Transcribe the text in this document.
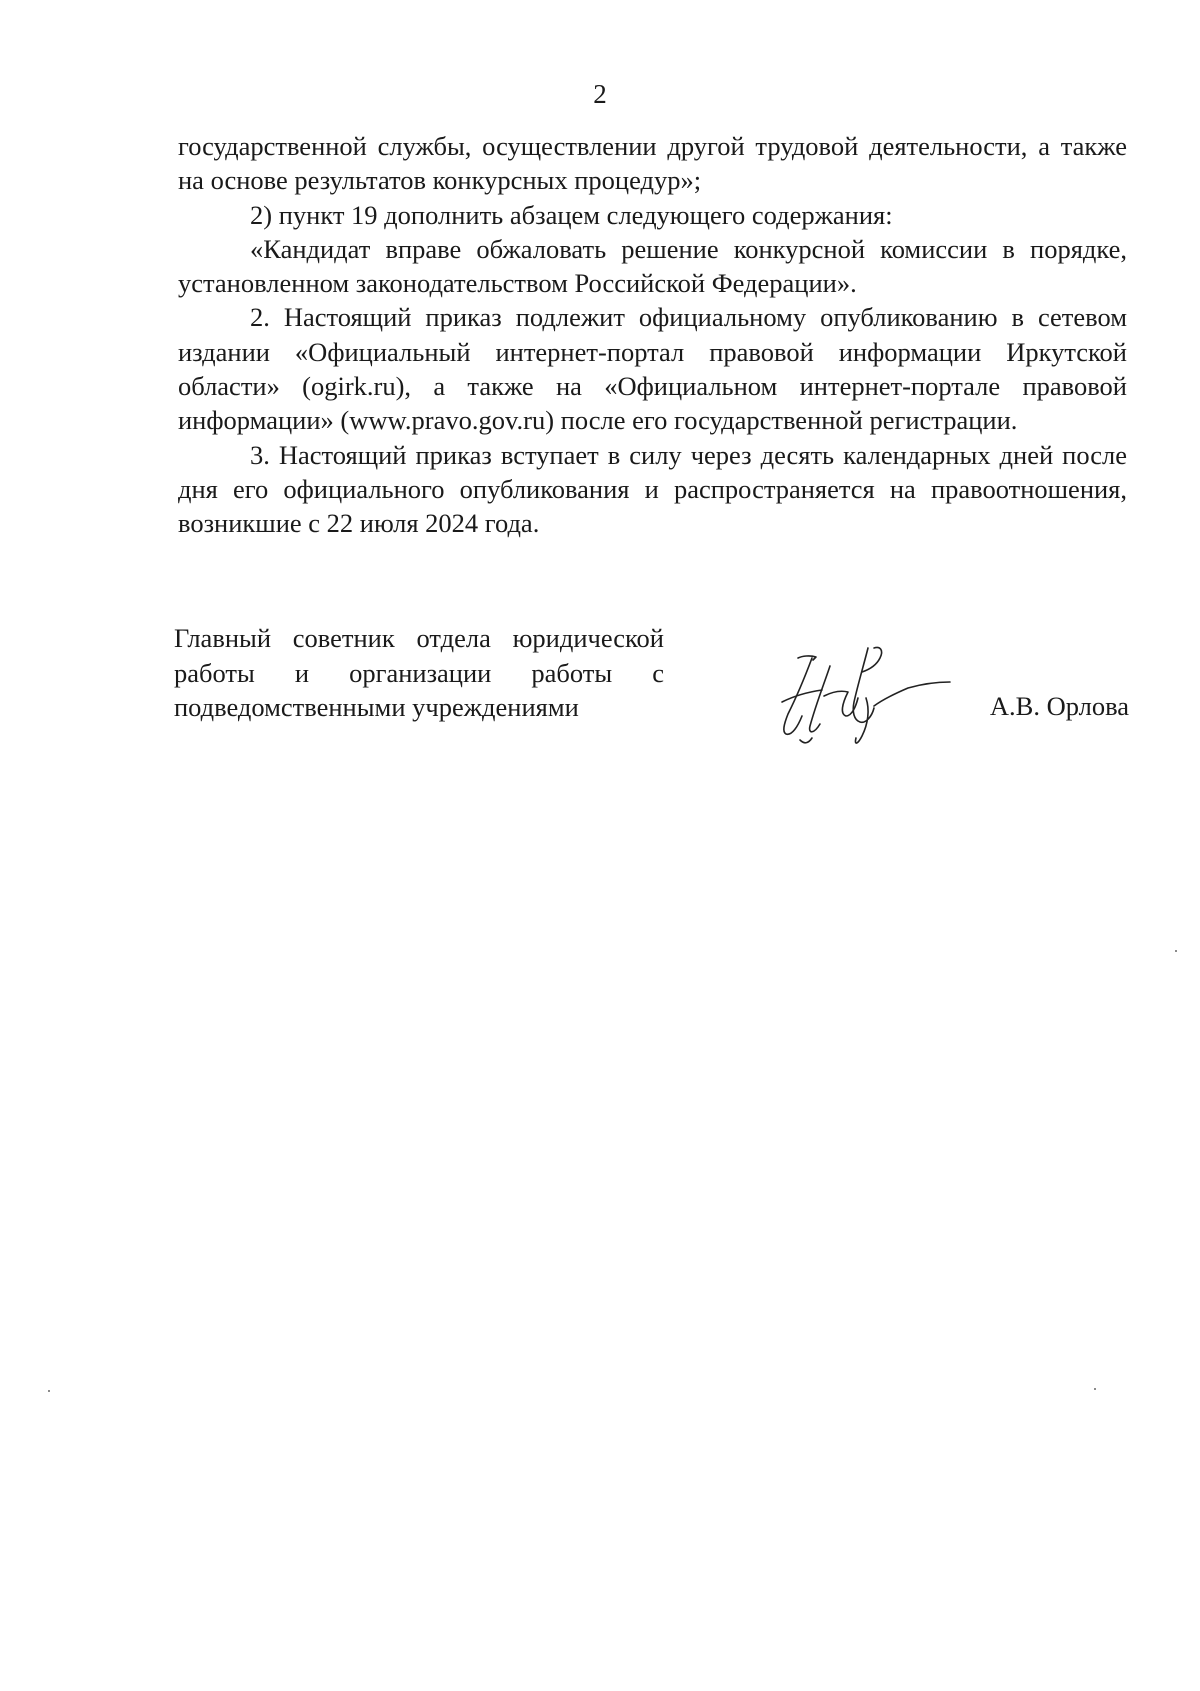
2

государственной службы, осуществлении другой трудовой деятельности, а также на основе результатов конкурсных процедур»;

2) пункт 19 дополнить абзацем следующего содержания:

«Кандидат вправе обжаловать решение конкурсной комиссии в порядке, установленном законодательством Российской Федерации».

2. Настоящий приказ подлежит официальному опубликованию в сетевом издании «Официальный интернет-портал правовой информации Иркутской области» (ogirk.ru), а также на «Официальном интернет-портале правовой информации» (www.pravo.gov.ru) после его государственной регистрации.

3. Настоящий приказ вступает в силу через десять календарных дней после дня его официального опубликования и распространяется на правоотношения, возникшие с 22 июля 2024 года.

Главный советник отдела юридической работы и организации работы с подведомственными учреждениями	А.В. Орлова
